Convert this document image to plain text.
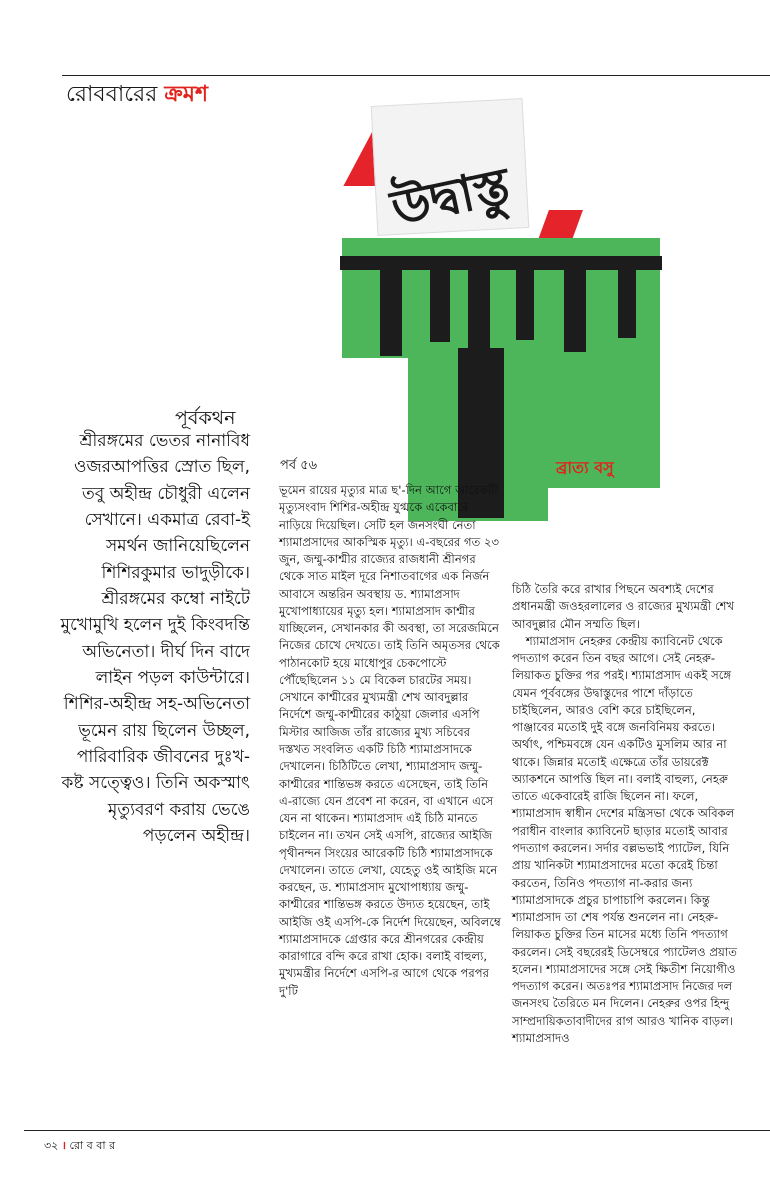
রোববারের ক্রমশ
উদ্বাস্তু
পর্ব ৫৬	ব্রাত্য বসু
পূর্বকথন

শ্রীরঙ্গমের ভেতর নানাবিধ ওজরআপত্তির স্রোত ছিল, তবু অহীন্দ্র চৌধুরী এলেন সেখানে। একমাত্র রেবা-ই সমর্থন জানিয়েছিলেন শিশিরকুমার ভাদুড়ীকে। শ্রীরঙ্গমের কম্বো নাইটে মুখোমুখি হলেন দুই কিংবদন্তি অভিনেতা। দীর্ঘ দিন বাদে লাইন পড়ল কাউন্টারে। শিশির-অহীন্দ্র সহ-অভিনেতা ভূমেন রায় ছিলেন উচ্ছল, পারিবারিক জীবনের দুঃখ-কষ্ট সত্ত্বেও। তিনি অকস্মাৎ মৃত্যুবরণ করায় ভেঙে পড়লেন অহীন্দ্র।

ভূমেন রায়ের মৃত্যুর মাত্র ছ'-দিন আগে আরেকটি মৃত্যুসংবাদ শিশির-অহীন্দ্র যুগ্মকে একেবারে নাড়িয়ে দিয়েছিল। সেটি হল জনসংঘী নেতা শ্যামাপ্রসাদের আকস্মিক মৃত্যু। এ-বছরের গত ২৩ জুন, জম্মু-কাশ্মীর রাজ্যের রাজধানী শ্রীনগর থেকে সাত মাইল দূরে নিশাতবাগের এক নির্জন আবাসে অন্তরিন অবস্থায় ড. শ্যামাপ্রসাদ মুখোপাধ্যায়ের মৃত্যু হল। শ্যামাপ্রসাদ কাশ্মীর যাচ্ছিলেন, সেখানকার কী অবস্থা, তা সরেজমিনে নিজের চোখে দেখতে। তাই তিনি অমৃতসর থেকে পাঠানকোট হয়ে মাধোপুর চেকপোস্টে পৌঁছেছিলেন ১১ মে বিকেল চারটের সময়। সেখানে কাশ্মীরের মুখ্যমন্ত্রী শেখ আবদুল্লার নির্দেশে জম্মু-কাশ্মীরের কাঠুয়া জেলার এসপি মিস্টার আজিজ তাঁর রাজ্যের মুখ্য সচিবের দস্তখত সংবলিত একটি চিঠি শ্যামাপ্রসাদকে দেখালেন। চিঠিটিতে লেখা, শ্যামাপ্রসাদ জম্মু-কাশ্মীরের শান্তিভঙ্গ করতে এসেছেন, তাই তিনি এ-রাজ্যে যেন প্রবেশ না করেন, বা এখানে এসে যেন না থাকেন। শ্যামাপ্রসাদ এই চিঠি মানতে চাইলেন না। তখন সেই এসপি, রাজ্যের আইজি পৃথীনন্দন সিংয়ের আরেকটি চিঠি শ্যামাপ্রসাদকে দেখালেন। তাতে লেখা, যেহেতু ওই আইজি মনে করছেন, ড. শ্যামাপ্রসাদ মুখোপাধ্যায় জম্মু-কাশ্মীরের শান্তিভঙ্গ করতে উদ্যত হয়েছেন, তাই আইজি ওই এসপি-কে নির্দেশ দিয়েছেন, অবিলম্বে শ্যামাপ্রসাদকে গ্রেপ্তার করে শ্রীনগরের কেন্দ্রীয় কারাগারে বন্দি করে রাখা হোক। বলাই বাহুল্য, মুখ্যমন্ত্রীর নির্দেশে এসপি-র আগে থেকে পরপর দু'টি

চিঠি তৈরি করে রাখার পিছনে অবশ্যই দেশের প্রধানমন্ত্রী জওহরলালের ও রাজ্যের মুখ্যমন্ত্রী শেখ আবদুল্লার মৌন সম্মতি ছিল।

শ্যামাপ্রসাদ নেহরুর কেন্দ্রীয় ক্যাবিনেট থেকে পদত্যাগ করেন তিন বছর আগে। সেই নেহরু-লিয়াকত চুক্তির পর পরই। শ্যামাপ্রসাদ একই সঙ্গে যেমন পূর্ববঙ্গের উদ্বাস্তুদের পাশে দাঁড়াতে চাইছিলেন, আরও বেশি করে চাইছিলেন, পাঞ্জাবের মতোই দুই বঙ্গে জনবিনিময় করতে। অর্থাৎ, পশ্চিমবঙ্গে যেন একটিও মুসলিম আর না থাকে। জিন্নার মতোই এক্ষেত্রে তাঁর ডায়রেক্ট অ্যাকশনে আপত্তি ছিল না। বলাই বাহুল্য, নেহরু তাতে একেবারেই রাজি ছিলেন না। ফলে, শ্যামাপ্রসাদ স্বাধীন দেশের মন্ত্রিসভা থেকে অবিকল পরাধীন বাংলার ক্যাবিনেট ছাড়ার মতোই আবার পদত্যাগ করলেন। সর্দার বল্লভভাই প্যাটেল, যিনি প্রায় খানিকটা শ্যামাপ্রসাদের মতো করেই চিন্তা করতেন, তিনিও পদত্যাগ না-করার জন্য শ্যামাপ্রসাদকে প্রচুর চাপাচাপি করলেন। কিন্তু শ্যামাপ্রসাদ তা শেষ পর্যন্ত শুনলেন না। নেহরু-লিয়াকত চুক্তির তিন মাসের মধ্যে তিনি পদত্যাগ করলেন। সেই বছরেরই ডিসেম্বরে প্যাটেলও প্রয়াত হলেন। শ্যামাপ্রসাদের সঙ্গে সেই ক্ষিতীশ নিয়োগীও পদত্যাগ করেন। অতঃপর শ্যামাপ্রসাদ নিজের দল জনসংঘ তৈরিতে মন দিলেন। নেহরুর ওপর হিন্দু সাম্প্রদায়িকতাবাদীদের রাগ আরও খানিক বাড়ল। শ্যামাপ্রসাদও

৩২ । রো ব বা র
